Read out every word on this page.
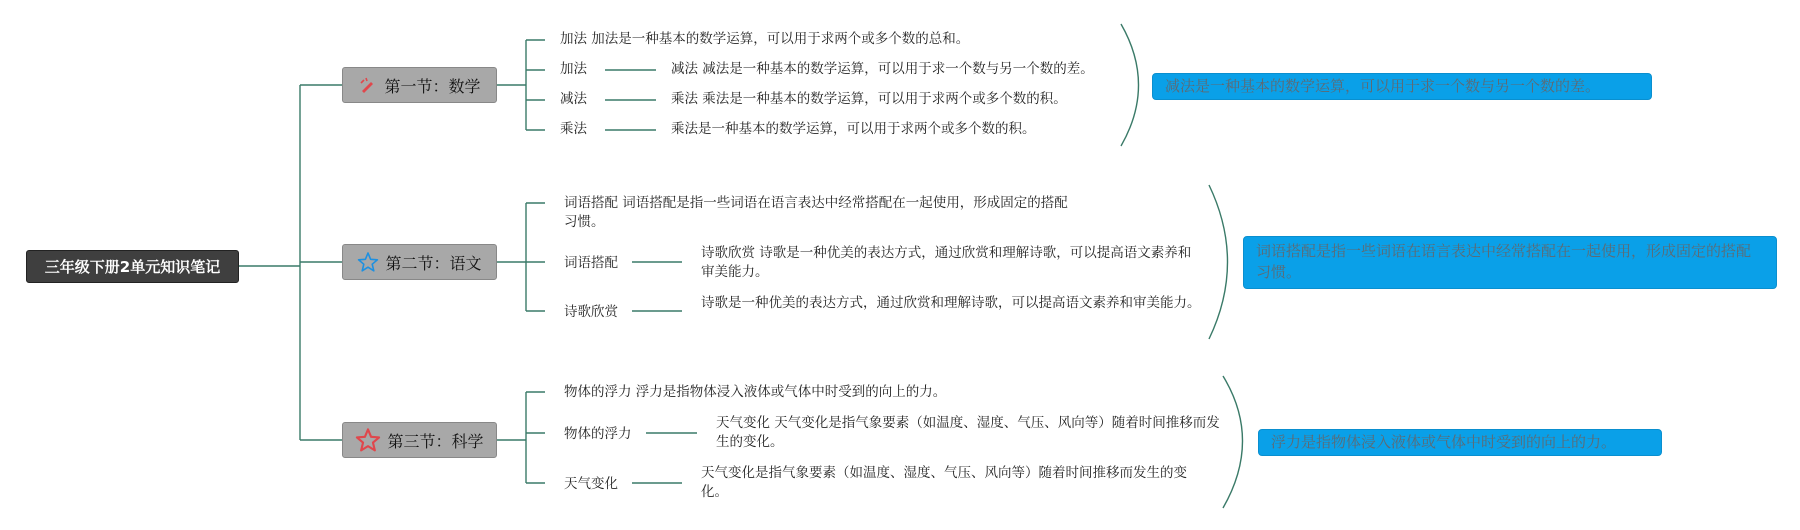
三年级下册2单元知识笔记
第一节：数学
加法 加法是一种基本的数学运算，可以用于求两个或多个数的总和。
加法	减法 减法是一种基本的数学运算，可以用于求一个数与另一个数的差。
减法	乘法 乘法是一种基本的数学运算，可以用于求两个或多个数的积。
乘法	乘法是一种基本的数学运算，可以用于求两个或多个数的积。
减法是一种基本的数学运算，可以用于求一个数与另一个数的差。
第二节：语文
词语搭配 词语搭配是指一些词语在语言表达中经常搭配在一起使用，形成固定的搭配习惯。
词语搭配
诗歌欣赏 诗歌是一种优美的表达方式，通过欣赏和理解诗歌，可以提高语文素养和审美能力。
诗歌欣赏
诗歌是一种优美的表达方式，通过欣赏和理解诗歌，可以提高语文素养和审美能力。
词语搭配是指一些词语在语言表达中经常搭配在一起使用，形成固定的搭配习惯。
第三节：科学
物体的浮力 浮力是指物体浸入液体或气体中时受到的向上的力。
物体的浮力
天气变化 天气变化是指气象要素（如温度、湿度、气压、风向等）随着时间推移而发生的变化。
天气变化
天气变化是指气象要素（如温度、湿度、气压、风向等）随着时间推移而发生的变化。
浮力是指物体浸入液体或气体中时受到的向上的力。
